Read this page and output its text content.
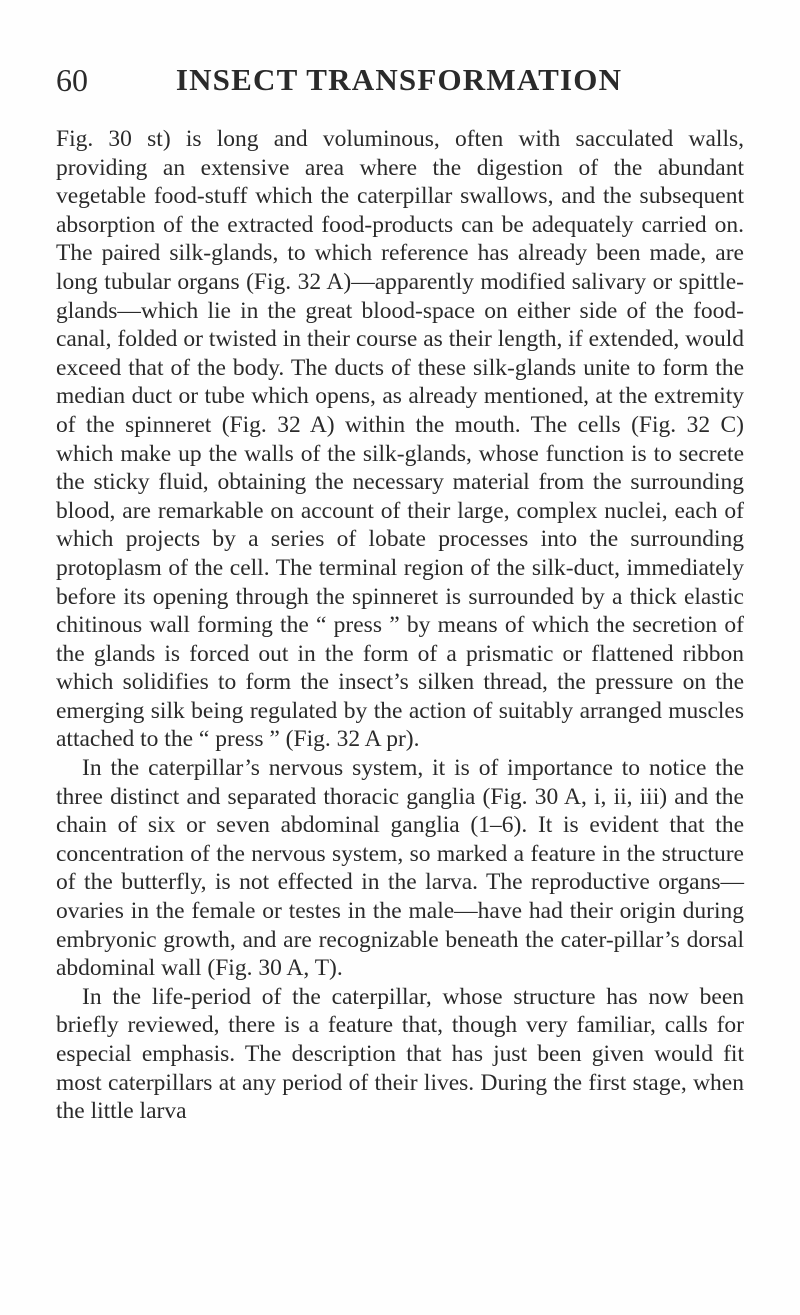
60	INSECT TRANSFORMATION

Fig. 30 st) is long and voluminous, often with sacculated walls, providing an extensive area where the digestion of the abundant vegetable food-stuff which the caterpillar swallows, and the subsequent absorption of the extracted food-products can be adequately carried on. The paired silk-glands, to which reference has already been made, are long tubular organs (Fig. 32 A)—apparently modified salivary or spittle-glands—which lie in the great blood-space on either side of the food-canal, folded or twisted in their course as their length, if extended, would exceed that of the body. The ducts of these silk-glands unite to form the median duct or tube which opens, as already mentioned, at the extremity of the spinneret (Fig. 32 A) within the mouth. The cells (Fig. 32 C) which make up the walls of the silk-glands, whose function is to secrete the sticky fluid, obtaining the necessary material from the surrounding blood, are remarkable on account of their large, complex nuclei, each of which projects by a series of lobate processes into the surrounding protoplasm of the cell. The terminal region of the silk-duct, immediately before its opening through the spinneret is surrounded by a thick elastic chitinous wall forming the “ press ” by means of which the secretion of the glands is forced out in the form of a prismatic or flattened ribbon which solidifies to form the insect’s silken thread, the pressure on the emerging silk being regulated by the action of suitably arranged muscles attached to the “ press ” (Fig. 32 A pr).

In the caterpillar’s nervous system, it is of importance to notice the three distinct and separated thoracic ganglia (Fig. 30 A, i, ii, iii) and the chain of six or seven abdominal ganglia (1–6). It is evident that the concentration of the nervous system, so marked a feature in the structure of the butterfly, is not effected in the larva. The reproductive organs—ovaries in the female or testes in the male—have had their origin during embryonic growth, and are recognizable beneath the cater-pillar’s dorsal abdominal wall (Fig. 30 A, T).

In the life-period of the caterpillar, whose structure has now been briefly reviewed, there is a feature that, though very familiar, calls for especial emphasis. The description that has just been given would fit most caterpillars at any period of their lives. During the first stage, when the little larva
